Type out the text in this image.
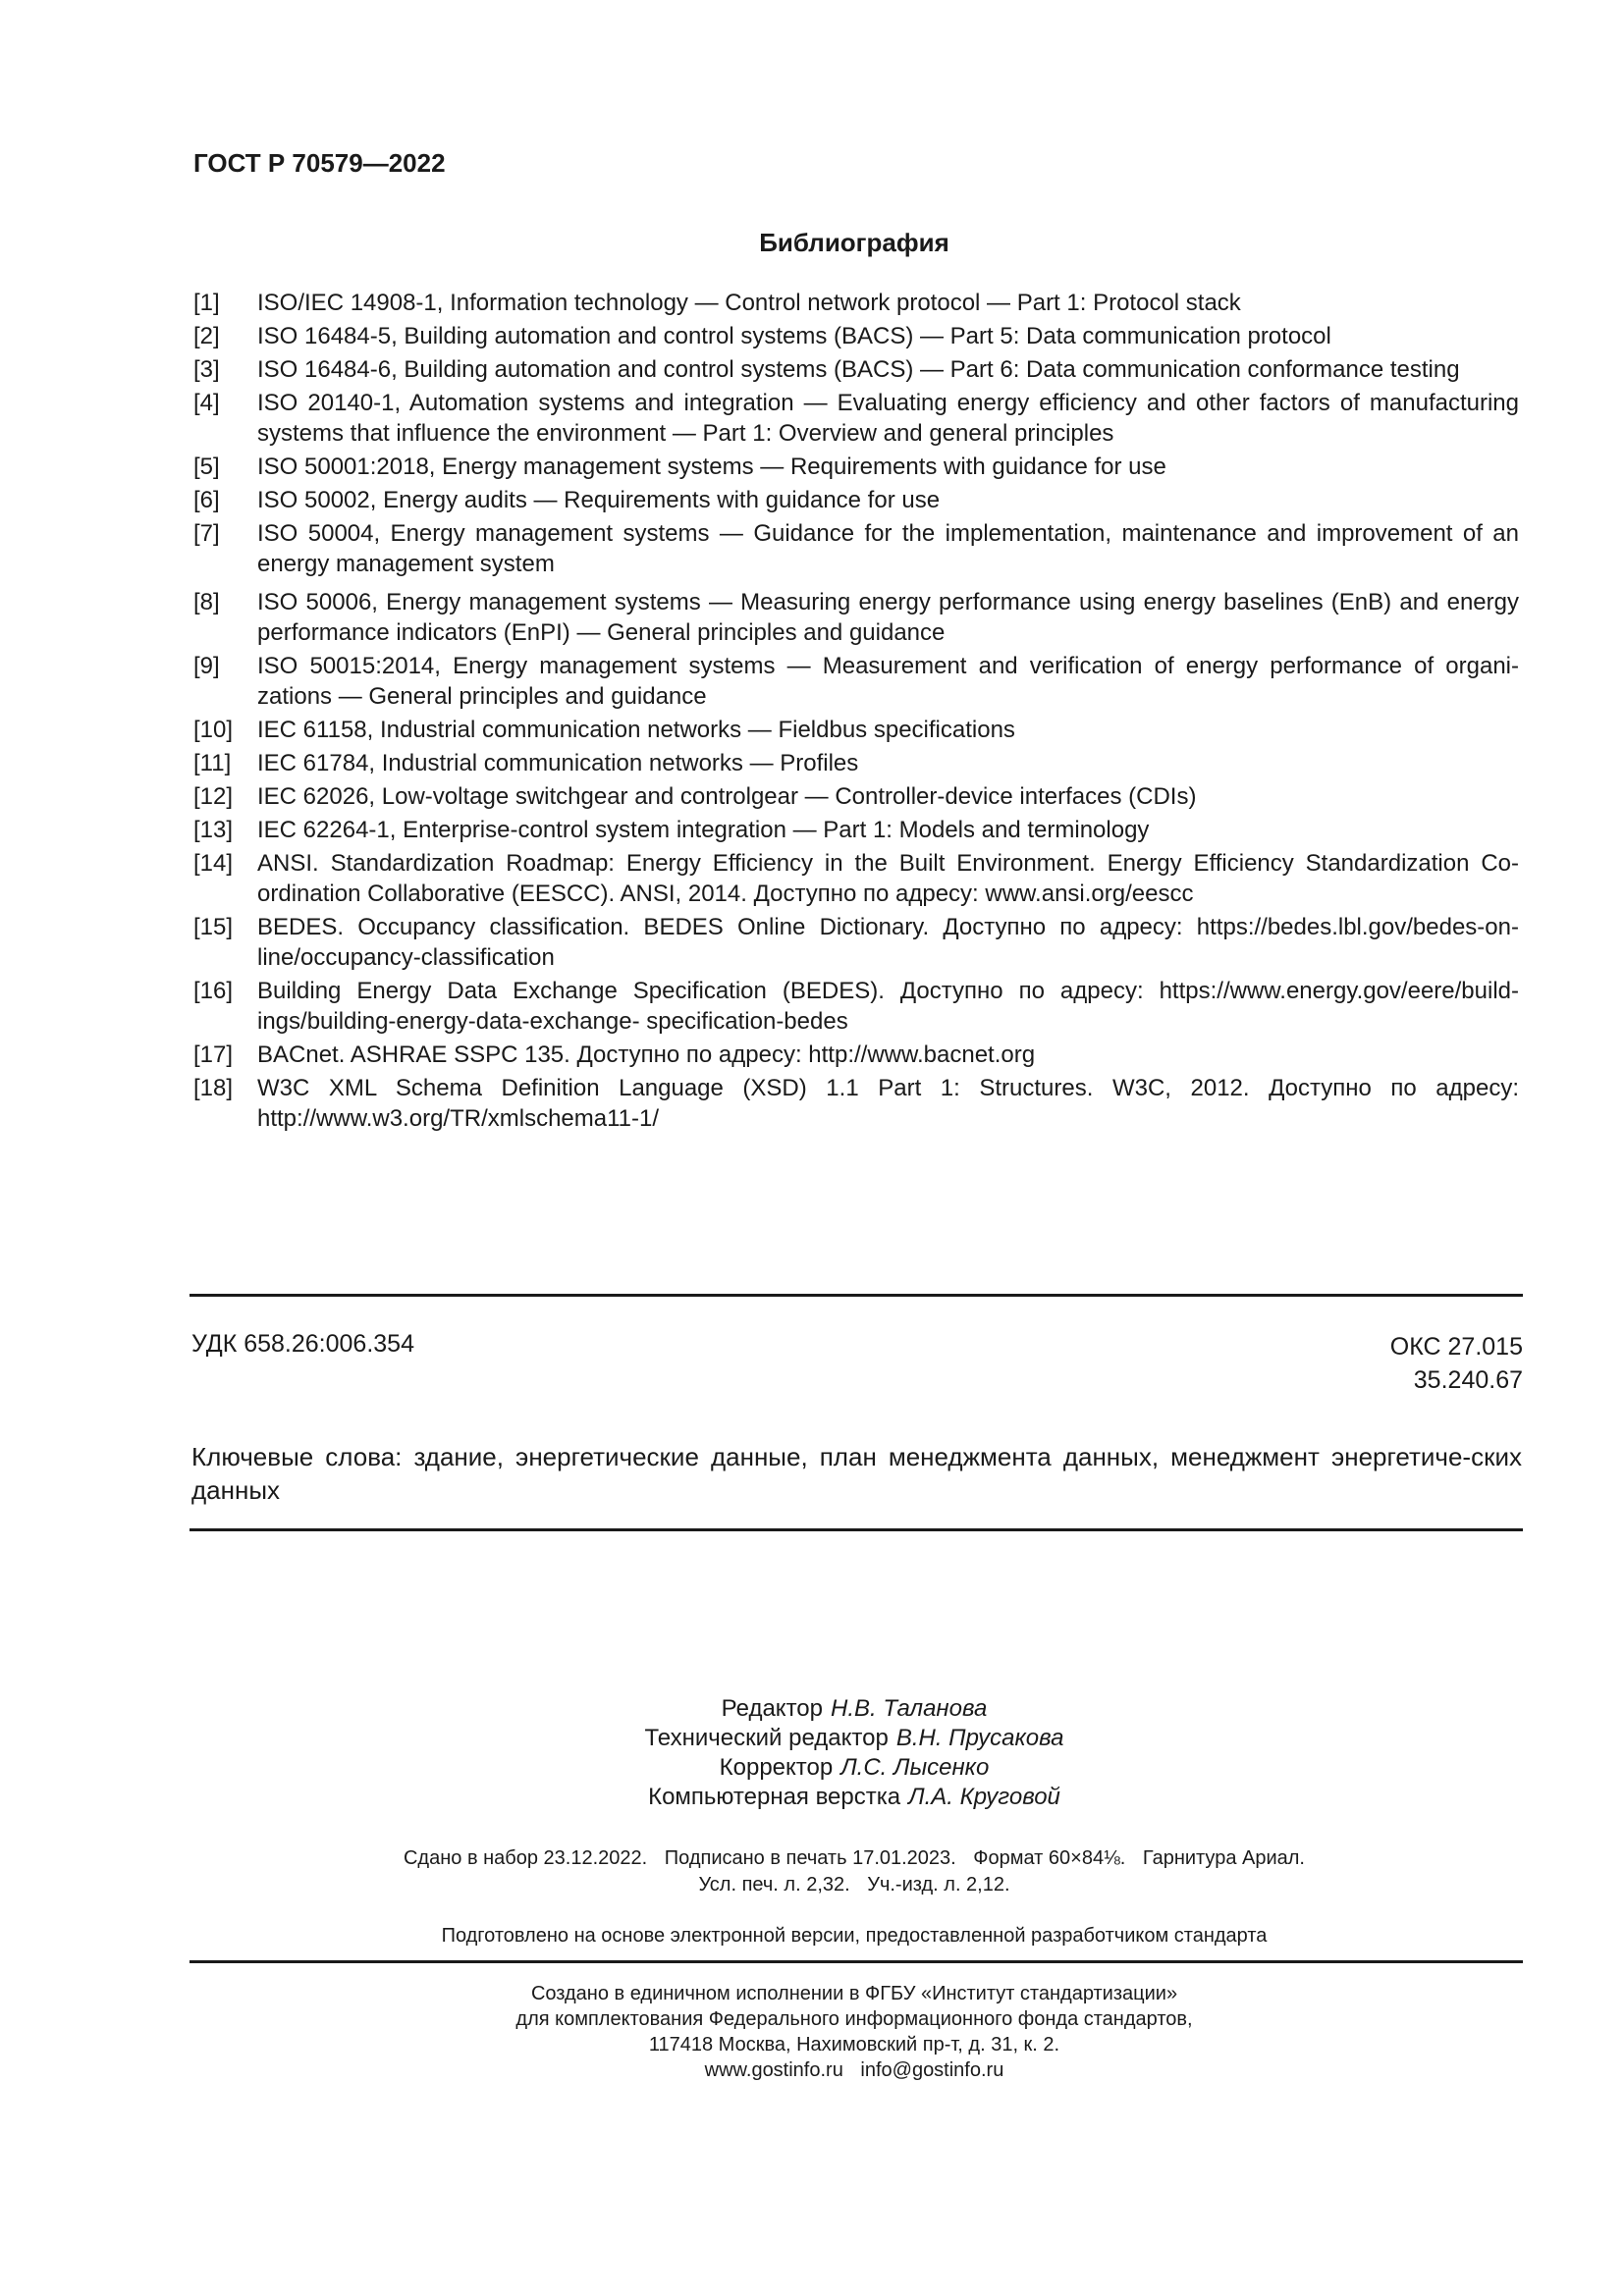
ГОСТ Р 70579—2022
Библиография
[1]	ISO/IEC 14908-1, Information technology — Control network protocol — Part 1: Protocol stack
[2]	ISO 16484-5, Building automation and control systems (BACS) — Part 5: Data communication protocol
[3]	ISO 16484-6, Building automation and control systems (BACS) — Part 6: Data communication conformance testing
[4]	ISO 20140-1, Automation systems and integration — Evaluating energy efficiency and other factors of manufacturing systems that influence the environment — Part 1: Overview and general principles
[5]	ISO 50001:2018, Energy management systems — Requirements with guidance for use
[6]	ISO 50002, Energy audits — Requirements with guidance for use
[7]	ISO 50004, Energy management systems — Guidance for the implementation, maintenance and improvement of an energy management system
[8]	ISO 50006, Energy management systems — Measuring energy performance using energy baselines (EnB) and energy performance indicators (EnPI) — General principles and guidance
[9]	ISO 50015:2014, Energy management systems — Measurement and verification of energy performance of organi-zations — General principles and guidance
[10]	IEC 61158, Industrial communication networks — Fieldbus specifications
[11]	IEC 61784, Industrial communication networks — Profiles
[12]	IEC 62026, Low-voltage switchgear and controlgear — Controller-device interfaces (CDIs)
[13]	IEC 62264-1, Enterprise-control system integration — Part 1: Models and terminology
[14]	ANSI. Standardization Roadmap: Energy Efficiency in the Built Environment. Energy Efficiency Standardization Co-ordination Collaborative (EESCC). ANSI, 2014. Доступно по адресу: www.ansi.org/eescc
[15]	BEDES. Occupancy classification. BEDES Online Dictionary. Доступно по адресу: https://bedes.lbl.gov/bedes-on-line/occupancy-classification
[16]	Building Energy Data Exchange Specification (BEDES). Доступно по адресу: https://www.energy.gov/eere/build-ings/building-energy-data-exchange- specification-bedes
[17]	BACnet. ASHRAE SSPC 135. Доступно по адресу: http://www.bacnet.org
[18]	W3C XML Schema Definition Language (XSD) 1.1 Part 1: Structures. W3C, 2012. Доступно по адресу: http://www.w3.org/TR/xmlschema11-1/
УДК 658.26:006.354	ОКС 27.015
35.240.67
Ключевые слова: здание, энергетические данные, план менеджмента данных, менеджмент энергетиче-ских данных
Редактор Н.В. Таланова
Технический редактор В.Н. Прусакова
Корректор Л.С. Лысенко
Компьютерная верстка Л.А. Круговой
Сдано в набор 23.12.2022. Подписано в печать 17.01.2023. Формат 60×84⅛. Гарнитура Ариал.
Усл. печ. л. 2,32. Уч.-изд. л. 2,12.
Подготовлено на основе электронной версии, предоставленной разработчиком стандарта
Создано в единичном исполнении в ФГБУ «Институт стандартизации»
для комплектования Федерального информационного фонда стандартов,
117418 Москва, Нахимовский пр-т, д. 31, к. 2.
www.gostinfo.ru info@gostinfo.ru
